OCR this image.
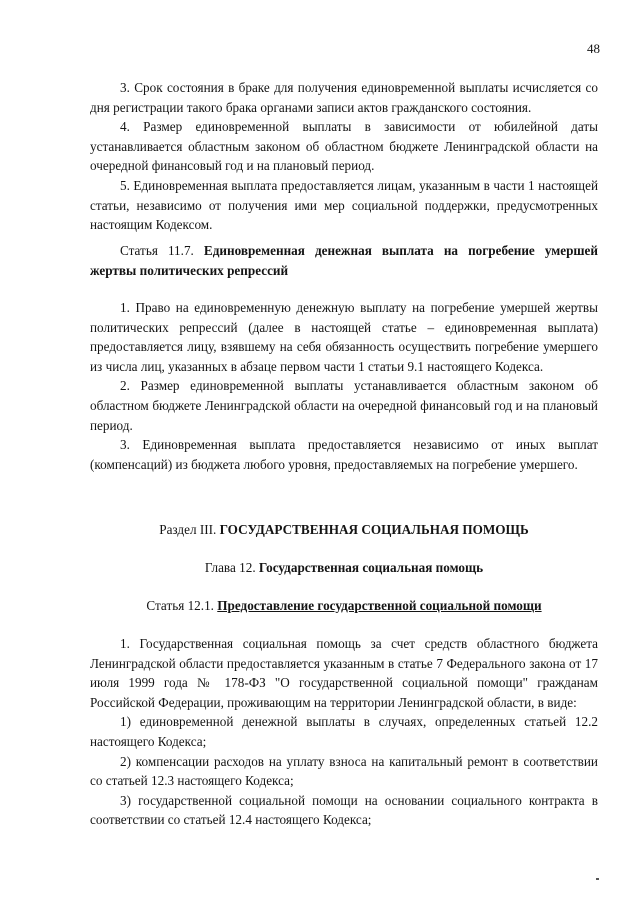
48

3. Срок состояния в браке для получения единовременной выплаты исчисляется со дня регистрации такого брака органами записи актов гражданского состояния.

4. Размер единовременной выплаты в зависимости от юбилейной даты устанавливается областным законом об областном бюджете Ленинградской области на очередной финансовый год и на плановый период.

5. Единовременная выплата предоставляется лицам, указанным в части 1 настоящей статьи, независимо от получения ими мер социальной поддержки, предусмотренных настоящим Кодексом.

Статья 11.7. Единовременная денежная выплата на погребение умершей жертвы политических репрессий

1. Право на единовременную денежную выплату на погребение умершей жертвы политических репрессий (далее в настоящей статье – единовременная выплата) предоставляется лицу, взявшему на себя обязанность осуществить погребение умершего из числа лиц, указанных в абзаце первом части 1 статьи 9.1 настоящего Кодекса.

2. Размер единовременной выплаты устанавливается областным законом об областном бюджете Ленинградской области на очередной финансовый год и на плановый период.

3. Единовременная выплата предоставляется независимо от иных выплат (компенсаций) из бюджета любого уровня, предоставляемых на погребение умершего.

Раздел III. ГОСУДАРСТВЕННАЯ СОЦИАЛЬНАЯ ПОМОЩЬ

Глава 12. Государственная социальная помощь

Статья 12.1. Предоставление государственной социальной помощи

1. Государственная социальная помощь за счет средств областного бюджета Ленинградской области предоставляется указанным в статье 7 Федерального закона от 17 июля 1999 года № 178-ФЗ "О государственной социальной помощи" гражданам Российской Федерации, проживающим на территории Ленинградской области, в виде:

1) единовременной денежной выплаты в случаях, определенных статьей 12.2 настоящего Кодекса;

2) компенсации расходов на уплату взноса на капитальный ремонт в соответствии со статьей 12.3 настоящего Кодекса;

3) государственной социальной помощи на основании социального контракта в соответствии со статьей 12.4 настоящего Кодекса;
